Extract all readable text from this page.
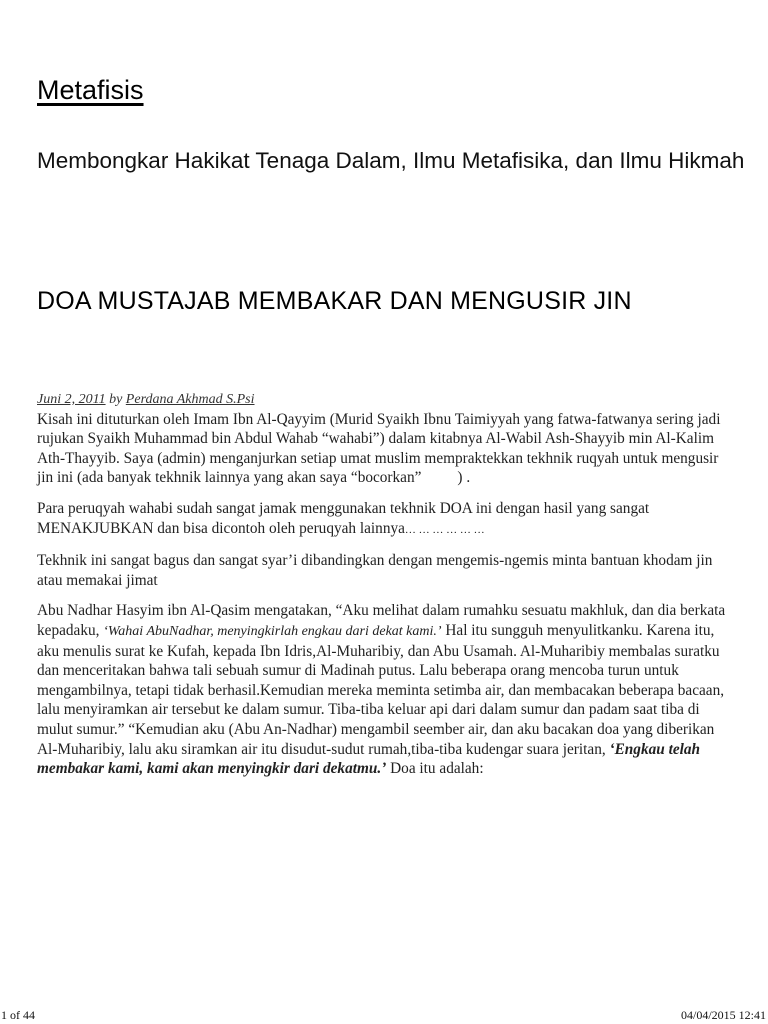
Metafisis
Membongkar Hakikat Tenaga Dalam, Ilmu Metafisika, dan Ilmu Hikmah
DOA MUSTAJAB MEMBAKAR DAN MENGUSIR JIN
Juni 2, 2011 by Perdana Akhmad S.Psi

Kisah ini dituturkan oleh Imam Ibn Al-Qayyim (Murid Syaikh Ibnu Taimiyyah yang fatwa-fatwanya sering jadi rujukan Syaikh Muhammad bin Abdul Wahab “wahabi”) dalam kitabnya Al-Wabil Ash-Shayyib min Al-Kalim Ath-Thayyib. Saya (admin) menganjurkan setiap umat muslim mempraktekkan tekhnik ruqyah untuk mengusir jin ini (ada banyak tekhnik lainnya yang akan saya “bocorkan” ) .

Para peruqyah wahabi sudah sangat jamak menggunakan tekhnik DOA ini dengan hasil yang sangat MENAKJUBKAN dan bisa dicontoh oleh peruqyah lainnya… … … … … …

Tekhnik ini sangat bagus dan sangat syar’i dibandingkan dengan mengemis-ngemis minta bantuan khodam jin atau memakai jimat

Abu Nadhar Hasyim ibn Al-Qasim mengatakan, “Aku melihat dalam rumahku sesuatu makhluk, dan dia berkata kepadaku, ‘Wahai AbuNadhar, menyingkirlah engkau dari dekat kami.’ Hal itu sungguh menyulitkanku. Karena itu, aku menulis surat ke Kufah, kepada Ibn Idris,Al-Muharibiy, dan Abu Usamah. Al-Muharibiy membalas suratku dan menceritakan bahwa tali sebuah sumur di Madinah putus. Lalu beberapa orang mencoba turun untuk mengambilnya, tetapi tidak berhasil.Kemudian mereka meminta setimba air, dan membacakan beberapa bacaan, lalu menyiramkan air tersebut ke dalam sumur. Tiba-tiba keluar api dari dalam sumur dan padam saat tiba di mulut sumur.” “Kemudian aku (Abu An-Nadhar) mengambil seember air, dan aku bacakan doa yang diberikan Al-Muharibiy, lalu aku siramkan air itu disudut-sudut rumah,tiba-tiba kudengar suara jeritan, ‘Engkau telah membakar kami, kami akan menyingkir dari dekatmu.’ Doa itu adalah:

1 of 44	04/04/2015 12:41
